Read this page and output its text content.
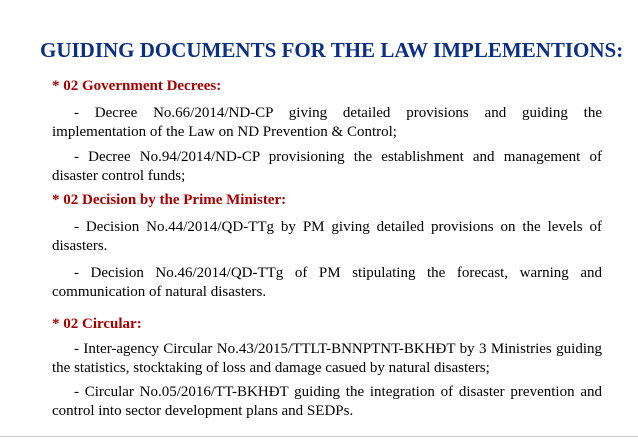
GUIDING DOCUMENTS FOR THE LAW IMPLEMENTIONS:
* 02 Government Decrees:
- Decree No.66/2014/ND-CP giving detailed provisions and guiding the implementation of the Law on ND Prevention & Control;
- Decree No.94/2014/ND-CP provisioning the establishment and management of disaster control funds;
* 02 Decision by the Prime Minister:
- Decision No.44/2014/QD-TTg by PM giving detailed provisions on the levels of disasters.
- Decision No.46/2014/QD-TTg of PM stipulating the forecast, warning and communication of natural disasters.
* 02 Circular:
- Inter-agency Circular No.43/2015/TTLT-BNNPTNT-BKHĐT by 3 Ministries guiding the statistics, stocktaking of loss and damage casued by natural disasters;
- Circular No.05/2016/TT-BKHĐT guiding the integration of disaster prevention and control into sector development plans and SEDPs.
